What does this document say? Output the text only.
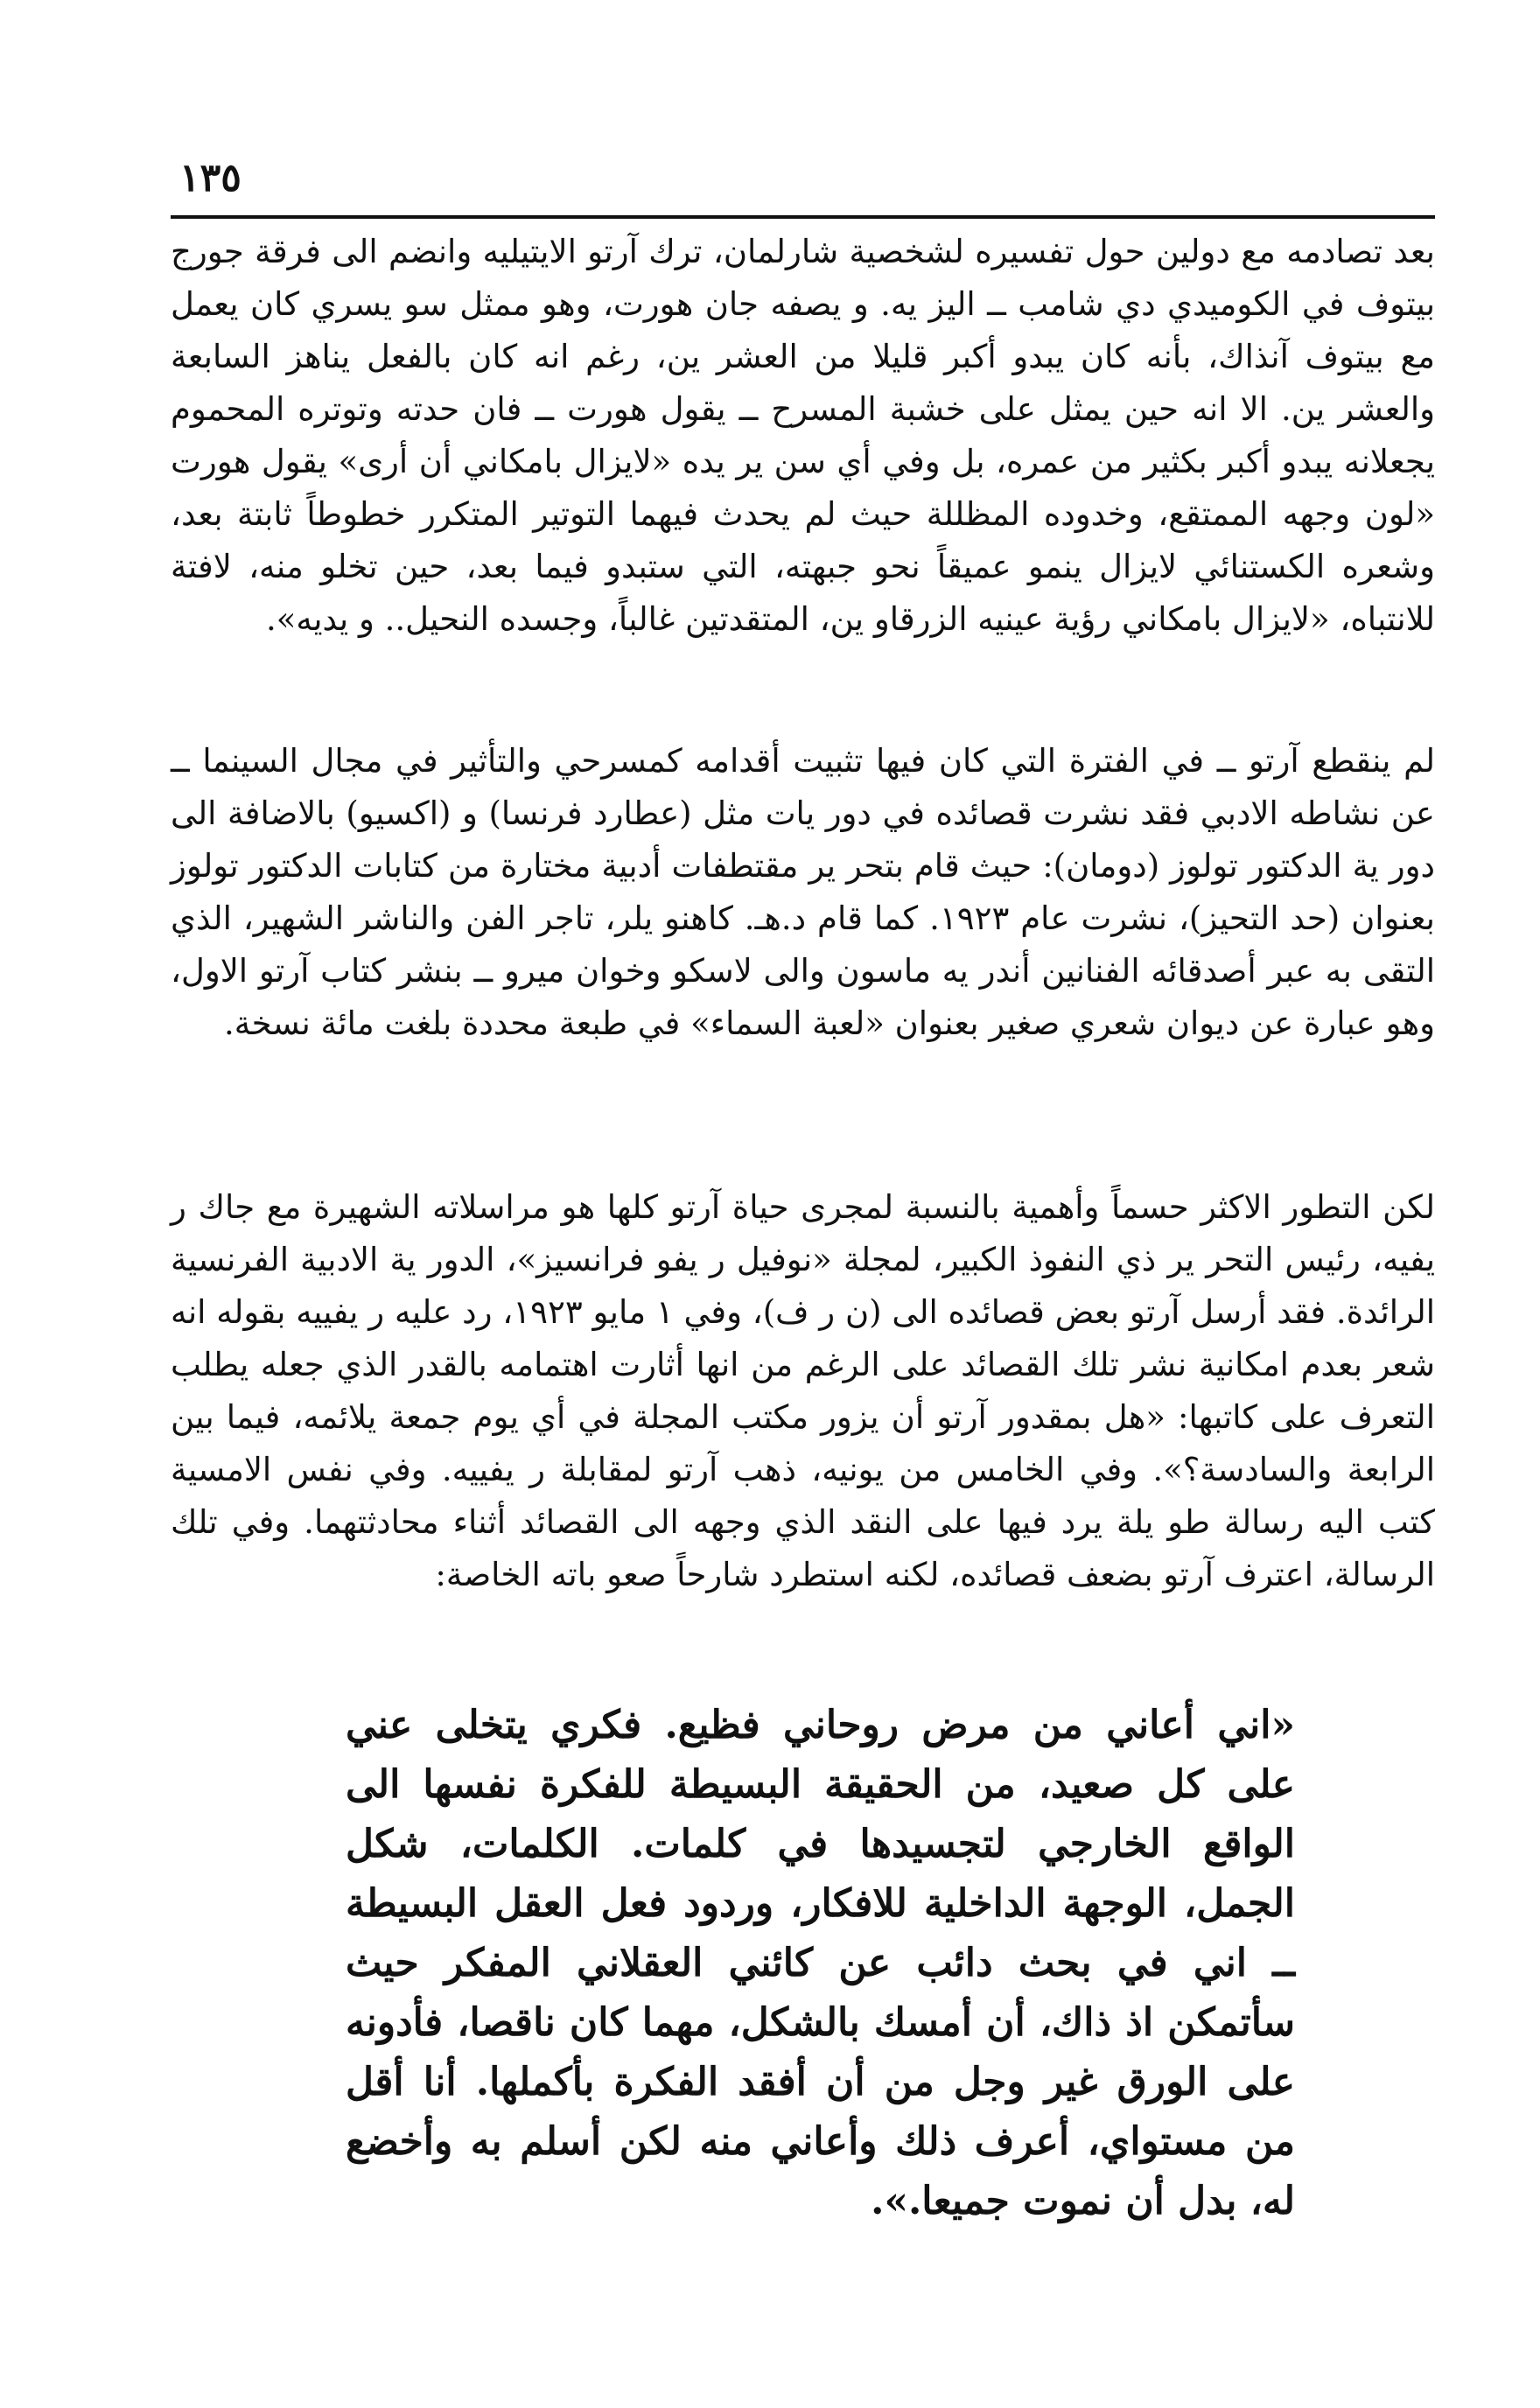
١٣٥

بعد تصادمه مع دولين حول تفسيره لشخصية شارلمان، ترك آرتو الايتيليه وانضم الى فرقة جورج بيتوف في الكوميدي دي شامب ــ اليز يه. و يصفه جان هورت، وهو ممثل سو يسري كان يعمل مع بيتوف آنذاك، بأنه كان يبدو أكبر قليلا من العشر ين، رغم انه كان بالفعل يناهز السابعة والعشر ين. الا انه حين يمثل على خشبة المسرح ــ يقول هورت ــ فان حدته وتوتره المحموم يجعلانه يبدو أكبر بكثير من عمره، بل وفي أي سن ير يده «لايزال بامكاني أن أرى» يقول هورت «لون وجهه الممتقع، وخدوده المظللة حيث لم يحدث فيهما التوتير المتكرر خطوطاً ثابتة بعد، وشعره الكستنائي لايزال ينمو عميقاً نحو جبهته، التي ستبدو فيما بعد، حين تخلو منه، لافتة للانتباه، «لايزال بامكاني رؤية عينيه الزرقاو ين، المتقدتين غالباً، وجسده النحيل.. و يديه».

لم ينقطع آرتو ــ في الفترة التي كان فيها تثبيت أقدامه كمسرحي والتأثير في مجال السينما ــ عن نشاطه الادبي فقد نشرت قصائده في دور يات مثل (عطارد فرنسا) و (اكسيو) بالاضافة الى دور ية الدكتور تولوز (دومان): حيث قام بتحر ير مقتطفات أدبية مختارة من كتابات الدكتور تولوز بعنوان (حد التحيز)، نشرت عام ١٩٢٣. كما قام د.هـ. كاهنو يلر، تاجر الفن والناشر الشهير، الذي التقى به عبر أصدقائه الفنانين أندر يه ماسون والى لاسكو وخوان ميرو ــ بنشر كتاب آرتو الاول، وهو عبارة عن ديوان شعري صغير بعنوان «لعبة السماء» في طبعة محددة بلغت مائة نسخة.

لكن التطور الاكثر حسماً وأهمية بالنسبة لمجرى حياة آرتو كلها هو مراسلاته الشهيرة مع جاك ر يفيه، رئيس التحر ير ذي النفوذ الكبير، لمجلة «نوفيل ر يفو فرانسيز»، الدور ية الادبية الفرنسية الرائدة. فقد أرسل آرتو بعض قصائده الى (ن ر ف)، وفي ١ مايو ١٩٢٣، رد عليه ر يفييه بقوله انه شعر بعدم امكانية نشر تلك القصائد على الرغم من انها أثارت اهتمامه بالقدر الذي جعله يطلب التعرف على كاتبها: «هل بمقدور آرتو أن يزور مكتب المجلة في أي يوم جمعة يلائمه، فيما بين الرابعة والسادسة؟». وفي الخامس من يونيه، ذهب آرتو لمقابلة ر يفييه. وفي نفس الامسية كتب اليه رسالة طو يلة يرد فيها على النقد الذي وجهه الى القصائد أثناء محادثتهما. وفي تلك الرسالة، اعترف آرتو بضعف قصائده، لكنه استطرد شارحاً صعو باته الخاصة:

«اني أعاني من مرض روحاني فظيع. فكري يتخلى عني على كل صعيد، من الحقيقة البسيطة للفكرة نفسها الى الواقع الخارجي لتجسيدها في كلمات. الكلمات، شكل الجمل، الوجهة الداخلية للافكار، وردود فعل العقل البسيطة ــ اني في بحث دائب عن كائني العقلاني المفكر حيث سأتمكن اذ ذاك، أن أمسك بالشكل، مهما كان ناقصا، فأدونه على الورق غير وجل من أن أفقد الفكرة بأكملها. أنا أقل من مستواي، أعرف ذلك وأعاني منه لكن أسلم به وأخضع له، بدل أن نموت جميعا.».
